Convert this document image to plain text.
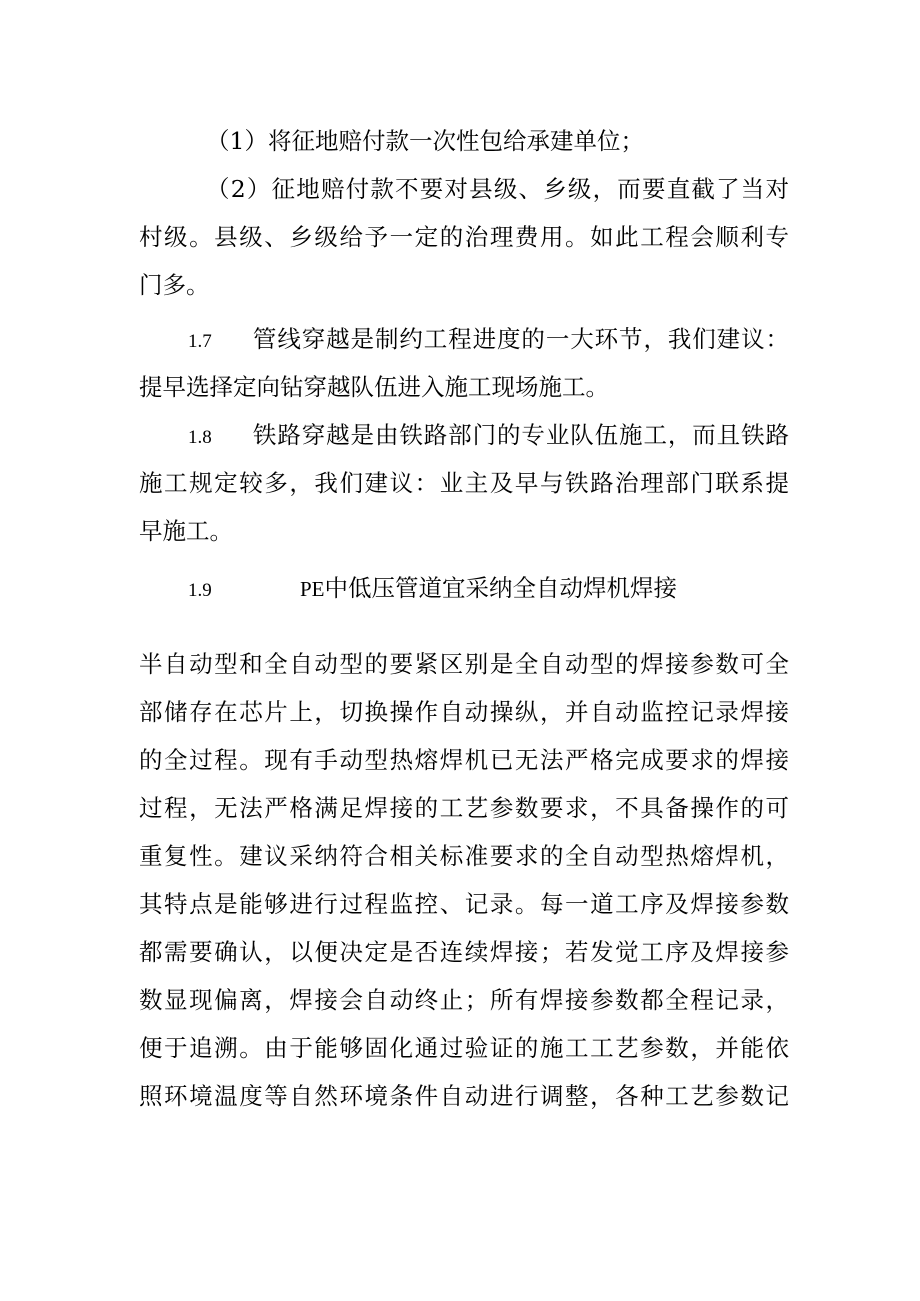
（1）将征地赔付款一次性包给承建单位；
（2）征地赔付款不要对县级、乡级，而要直截了当对
村级。县级、乡级给予一定的治理费用。如此工程会顺利专
门多。
1.7 管线穿越是制约工程进度的一大环节，我们建议：
提早选择定向钻穿越队伍进入施工现场施工。
1.8 铁路穿越是由铁路部门的专业队伍施工，而且铁路
施工规定较多，我们建议：业主及早与铁路治理部门联系提
早施工。
1.9	PE中低压管道宜采纳全自动焊机焊接
半自动型和全自动型的要紧区别是全自动型的焊接参数可全
部储存在芯片上，切换操作自动操纵，并自动监控记录焊接
的全过程。现有手动型热熔焊机已无法严格完成要求的焊接
过程，无法严格满足焊接的工艺参数要求，不具备操作的可
重复性。建议采纳符合相关标准要求的全自动型热熔焊机，
其特点是能够进行过程监控、记录。每一道工序及焊接参数
都需要确认，以便决定是否连续焊接；若发觉工序及焊接参
数显现偏离，焊接会自动终止；所有焊接参数都全程记录，
便于追溯。由于能够固化通过验证的施工工艺参数，并能依
照环境温度等自然环境条件自动进行调整，各种工艺参数记
